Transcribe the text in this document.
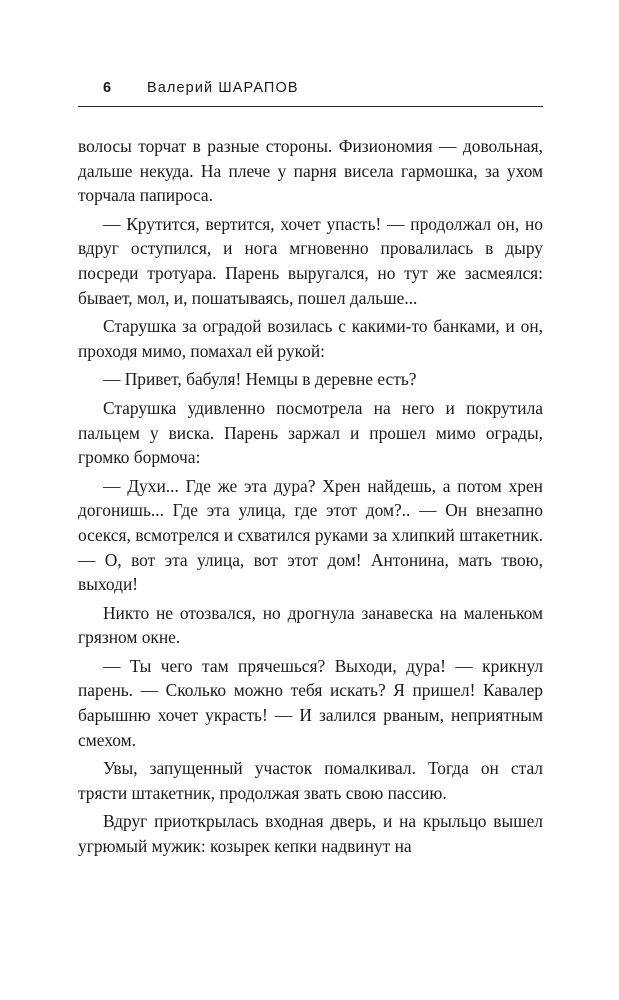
6	Валерий ШАРАПОВ

волосы торчат в разные стороны. Физиономия — довольная, дальше некуда. На плече у парня висела гармошка, за ухом торчала папироса.

— Крутится, вертится, хочет упасть! — продолжал он, но вдруг оступился, и нога мгновенно провалилась в дыру посреди тротуара. Парень выругался, но тут же засмеялся: бывает, мол, и, пошатываясь, пошел дальше...

Старушка за оградой возилась с какими-то банками, и он, проходя мимо, помахал ей рукой:

— Привет, бабуля! Немцы в деревне есть?

Старушка удивленно посмотрела на него и покрутила пальцем у виска. Парень заржал и прошел мимо ограды, громко бормоча:

— Духи... Где же эта дура? Хрен найдешь, а потом хрен догонишь... Где эта улица, где этот дом?.. — Он внезапно осекся, всмотрелся и схватился руками за хлипкий штакетник. — О, вот эта улица, вот этот дом! Антонина, мать твою, выходи!

Никто не отозвался, но дрогнула занавеска на маленьком грязном окне.

— Ты чего там прячешься? Выходи, дура! — крикнул парень. — Сколько можно тебя искать? Я пришел! Кавалер барышню хочет украсть! — И залился рваным, неприятным смехом.

Увы, запущенный участок помалкивал. Тогда он стал трясти штакетник, продолжая звать свою пассию.

Вдруг приоткрылась входная дверь, и на крыльцо вышел угрюмый мужик: козырек кепки надвинут на
